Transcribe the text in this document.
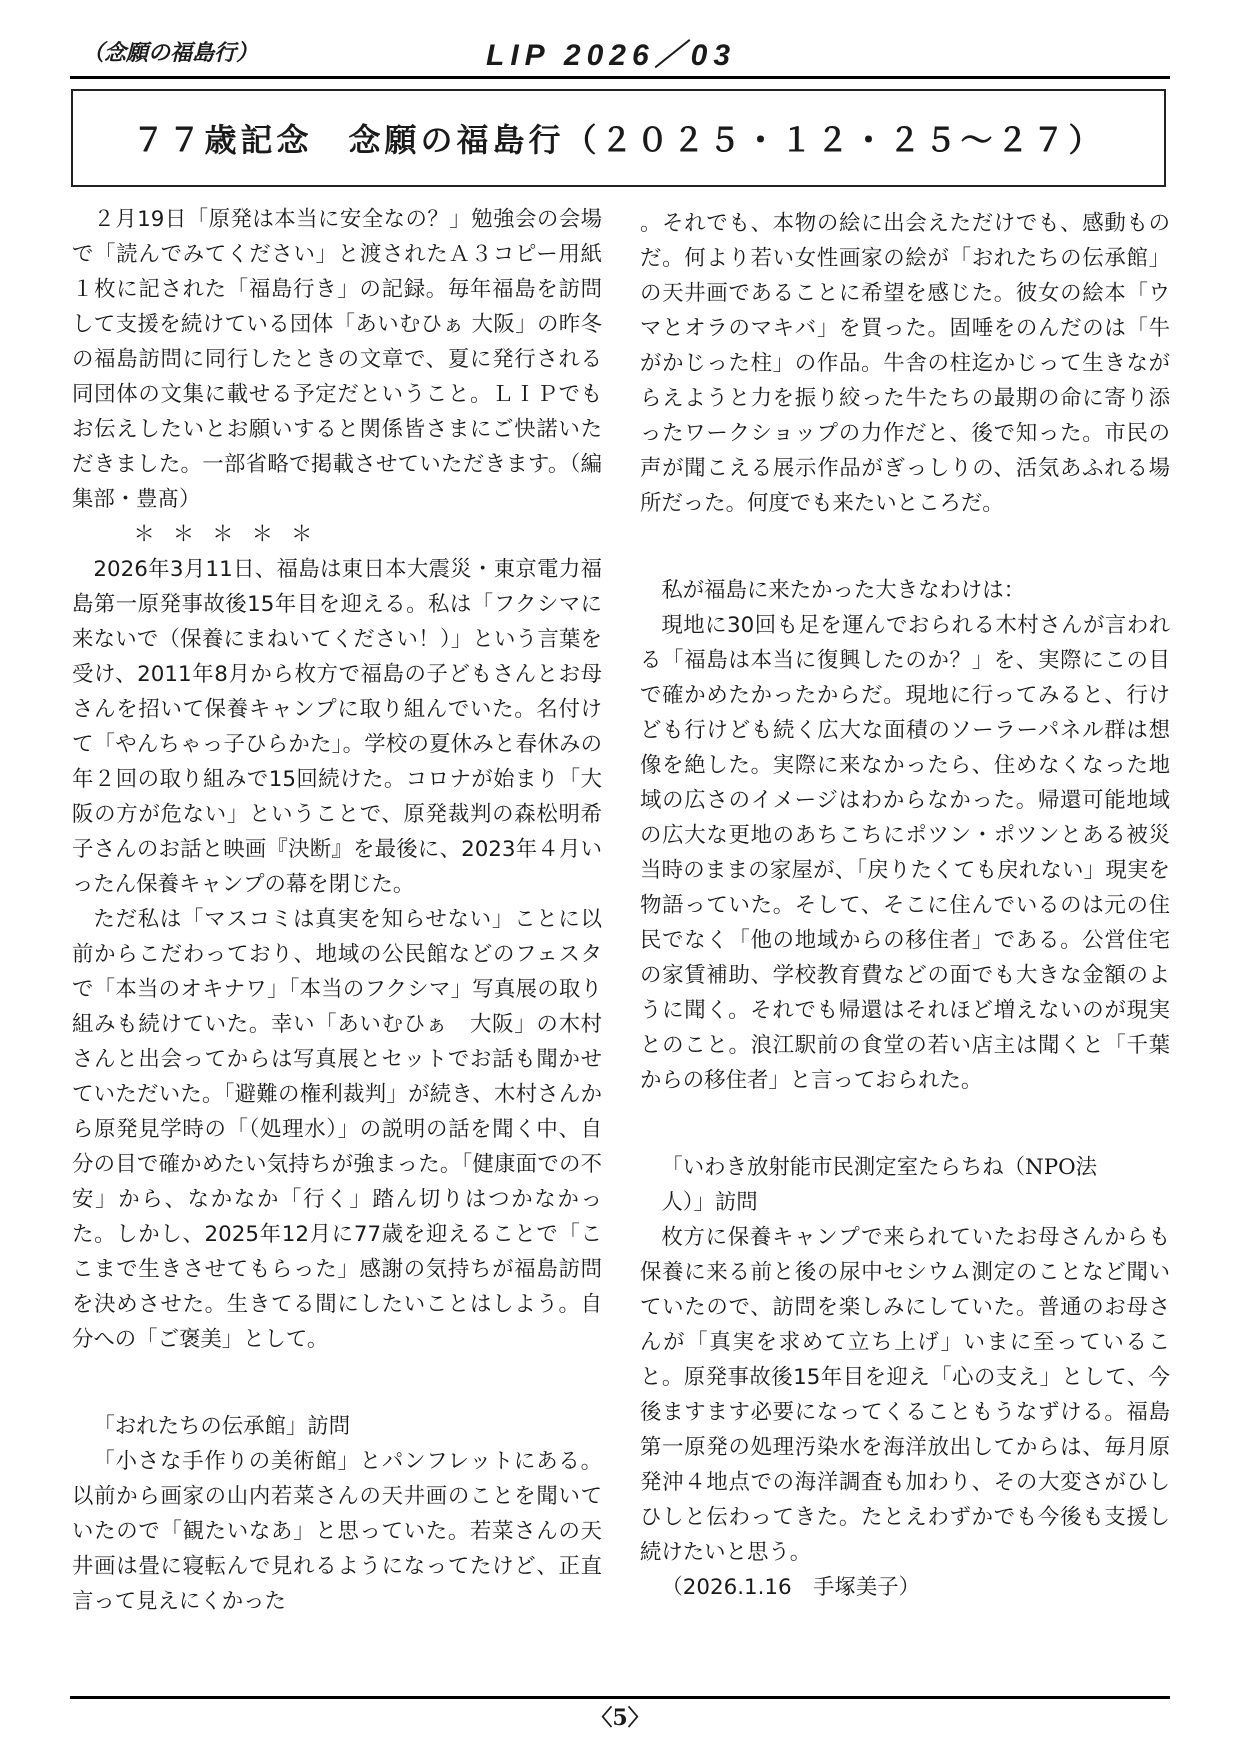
（念願の福島行）	LIP 2026／03
７７歳記念　念願の福島行（２０２５・１２・２５～２７）

２月19日「原発は本当に安全なの？」勉強会の会場で「読んでみてください」と渡されたＡ３コピー用紙１枚に記された「福島行き」の記録。毎年福島を訪問して支援を続けている団体「あいむひぁ 大阪」の昨冬の福島訪問に同行したときの文章で、夏に発行される同団体の文集に載せる予定だということ。ＬＩＰでもお伝えしたいとお願いすると関係皆さまにご快諾いただきました。一部省略で掲載させていただきます。（編集部・豊髙）

＊＊＊＊＊

2026年3月11日、福島は東日本大震災・東京電力福島第一原発事故後15年目を迎える。私は「フクシマに来ないで（保養にまねいてください！）」という言葉を受け、2011年8月から枚方で福島の子どもさんとお母さんを招いて保養キャンプに取り組んでいた。名付けて「やんちゃっ子ひらかた」。学校の夏休みと春休みの年２回の取り組みで15回続けた。コロナが始まり「大阪の方が危ない」ということで、原発裁判の森松明希子さんのお話と映画『決断』を最後に、2023年４月いったん保養キャンプの幕を閉じた。

ただ私は「マスコミは真実を知らせない」ことに以前からこだわっており、地域の公民館などのフェスタで「本当のオキナワ」「本当のフクシマ」写真展の取り組みも続けていた。幸い「あいむひぁ　大阪」の木村さんと出会ってからは写真展とセットでお話も聞かせていただいた。「避難の権利裁判」が続き、木村さんから原発見学時の「（処理水）」の説明の話を聞く中、自分の目で確かめたい気持ちが強まった。「健康面での不安」から、なかなか「行く」踏ん切りはつかなかった。しかし、2025年12月に77歳を迎えることで「ここまで生きさせてもらった」感謝の気持ちが福島訪問を決めさせた。生きてる間にしたいことはしよう。自分への「ご褒美」として。

「おれたちの伝承館」訪問

「小さな手作りの美術館」とパンフレットにある。以前から画家の山内若菜さんの天井画のことを聞いていたので「観たいなあ」と思っていた。若菜さんの天井画は畳に寝転んで見れるようになってたけど、正直言って見えにくかった

。それでも、本物の絵に出会えただけでも、感動ものだ。何より若い女性画家の絵が「おれたちの伝承館」の天井画であることに希望を感じた。彼女の絵本「ウマとオラのマキバ」を買った。固唾をのんだのは「牛がかじった柱」の作品。牛舎の柱迄かじって生きながらえようと力を振り絞った牛たちの最期の命に寄り添ったワークショップの力作だと、後で知った。市民の声が聞こえる展示作品がぎっしりの、活気あふれる場所だった。何度でも来たいところだ。

私が福島に来たかった大きなわけは：

現地に30回も足を運んでおられる木村さんが言われる「福島は本当に復興したのか？」を、実際にこの目で確かめたかったからだ。現地に行ってみると、行けども行けども続く広大な面積のソーラーパネル群は想像を絶した。実際に来なかったら、住めなくなった地域の広さのイメージはわからなかった。帰還可能地域の広大な更地のあちこちにポツン・ポツンとある被災当時のままの家屋が、「戻りたくても戻れない」現実を物語っていた。そして、そこに住んでいるのは元の住民でなく「他の地域からの移住者」である。公営住宅の家賃補助、学校教育費などの面でも大きな金額のように聞く。それでも帰還はそれほど増えないのが現実とのこと。浪江駅前の食堂の若い店主は聞くと「千葉からの移住者」と言っておられた。

「いわき放射能市民測定室たらちね（NPO法

人）」訪問

枚方に保養キャンプで来られていたお母さんからも保養に来る前と後の尿中セシウム測定のことなど聞いていたので、訪問を楽しみにしていた。普通のお母さんが「真実を求めて立ち上げ」いまに至っていること。原発事故後15年目を迎え「心の支え」として、今後ますます必要になってくることもうなずける。福島第一原発の処理汚染水を海洋放出してからは、毎月原発沖４地点での海洋調査も加わり、その大変さがひしひしと伝わってきた。たとえわずかでも今後も支援し続けたいと思う。

（2026.1.16　手塚美子）

〈5〉
